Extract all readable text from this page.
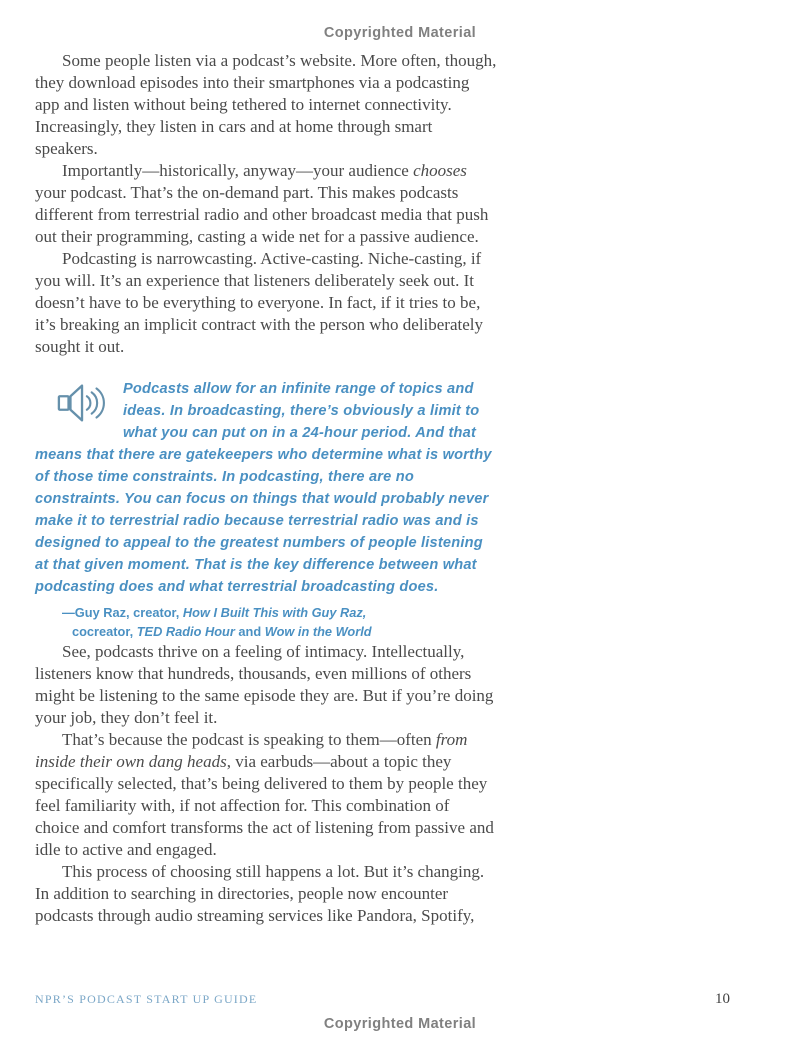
Copyrighted Material

Some people listen via a podcast’s website. More often, though, they download episodes into their smartphones via a podcasting app and listen without being tethered to internet connectivity. Increasingly, they listen in cars and at home through smart speakers.

Importantly—historically, anyway—your audience chooses your podcast. That’s the on-demand part. This makes podcasts different from terrestrial radio and other broadcast media that push out their programming, casting a wide net for a passive audience.

Podcasting is narrowcasting. Active-casting. Niche-casting, if you will. It’s an experience that listeners deliberately seek out. It doesn’t have to be everything to everyone. In fact, if it tries to be, it’s breaking an implicit contract with the person who deliberately sought it out.

Podcasts allow for an infinite range of topics and ideas. In broadcasting, there’s obviously a limit to what you can put on in a 24-hour period. And that means that there are gatekeepers who determine what is worthy of those time constraints. In podcasting, there are no constraints. You can focus on things that would probably never make it to terrestrial radio because terrestrial radio was and is designed to appeal to the greatest numbers of people listening at that given moment. That is the key difference between what podcasting does and what terrestrial broadcasting does.
—Guy Raz, creator, How I Built This with Guy Raz,
cocreator, TED Radio Hour and Wow in the World

See, podcasts thrive on a feeling of intimacy. Intellectually, listeners know that hundreds, thousands, even millions of others might be listening to the same episode they are. But if you’re doing your job, they don’t feel it.

That’s because the podcast is speaking to them—often from inside their own dang heads, via earbuds—about a topic they specifically selected, that’s being delivered to them by people they feel familiarity with, if not affection for. This combination of choice and comfort transforms the act of listening from passive and idle to active and engaged.

This process of choosing still happens a lot. But it’s changing. In addition to searching in directories, people now encounter podcasts through audio streaming services like Pandora, Spotify,

NPR’S PODCAST START UP GUIDE	10
Copyrighted Material
